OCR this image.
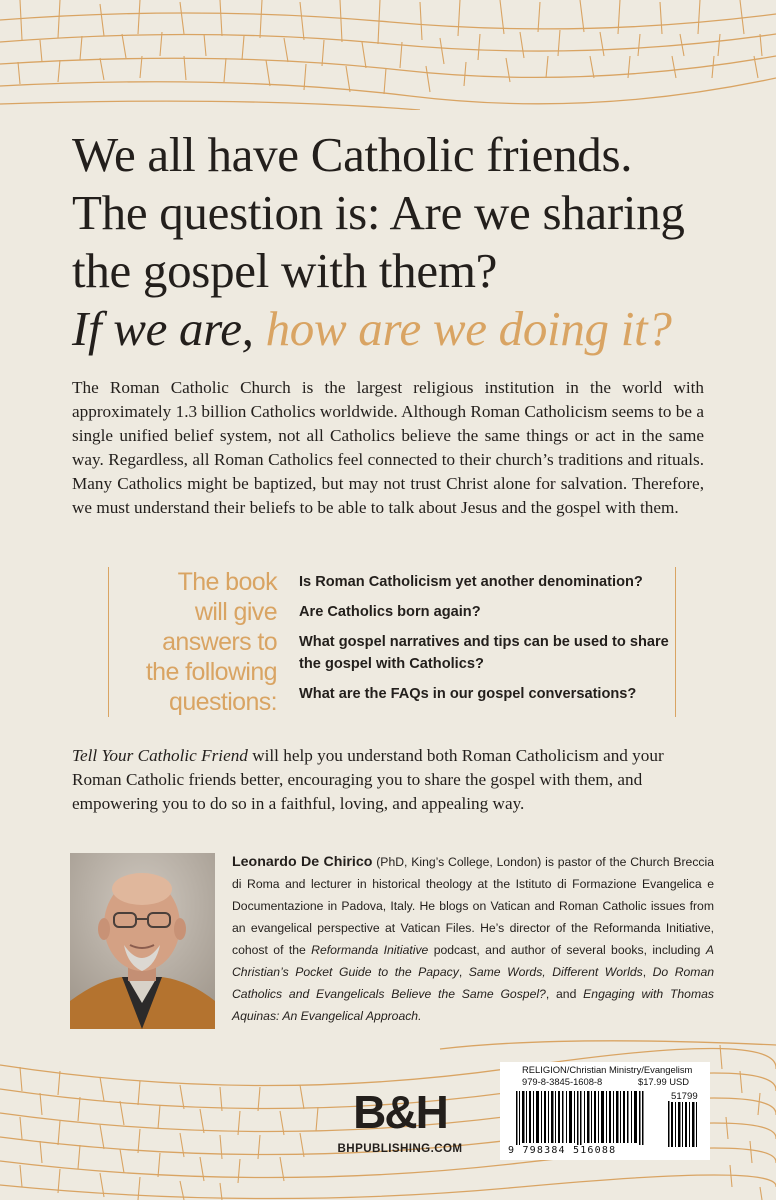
We all have Catholic friends.
The question is: Are we sharing
the gospel with them?
If we are, how are we doing it?

The Roman Catholic Church is the largest religious institution in the world with approximately 1.3 billion Catholics worldwide. Although Roman Catholicism seems to be a single unified belief system, not all Catholics believe the same things or act in the same way. Regardless, all Roman Catholics feel connected to their church’s traditions and rituals. Many Catholics might be baptized, but may not trust Christ alone for salvation. Therefore, we must understand their beliefs to be able to talk about Jesus and the gospel with them.

The book
will give
answers to
the following
questions:
Is Roman Catholicism yet another denomination?
Are Catholics born again?
What gospel narratives and tips can be used to share the gospel with Catholics?
What are the FAQs in our gospel conversations?

Tell Your Catholic Friend will help you understand both Roman Catholicism and your Roman Catholic friends better, encouraging you to share the gospel with them, and empowering you to do so in a faithful, loving, and appealing way.

Leonardo De Chirico (PhD, King’s College, London) is pastor of the Church Breccia di Roma and lecturer in historical theology at the Istituto di Formazione Evangelica e Documentazione in Padova, Italy. He blogs on Vatican and Roman Catholic issues from an evangelical perspective at Vatican Files. He’s director of the Reformanda Initiative, cohost of the Reformanda Initiative podcast, and author of several books, including A Christian’s Pocket Guide to the Papacy, Same Words, Different Worlds, Do Roman Catholics and Evangelicals Believe the Same Gospel?, and Engaging with Thomas Aquinas: An Evangelical Approach.

B&H
BHPUBLISHING.COM
RELIGION/Christian Ministry/Evangelism
979-8-3845-1608-8	$17.99 USD
9 798384 516088
51799
